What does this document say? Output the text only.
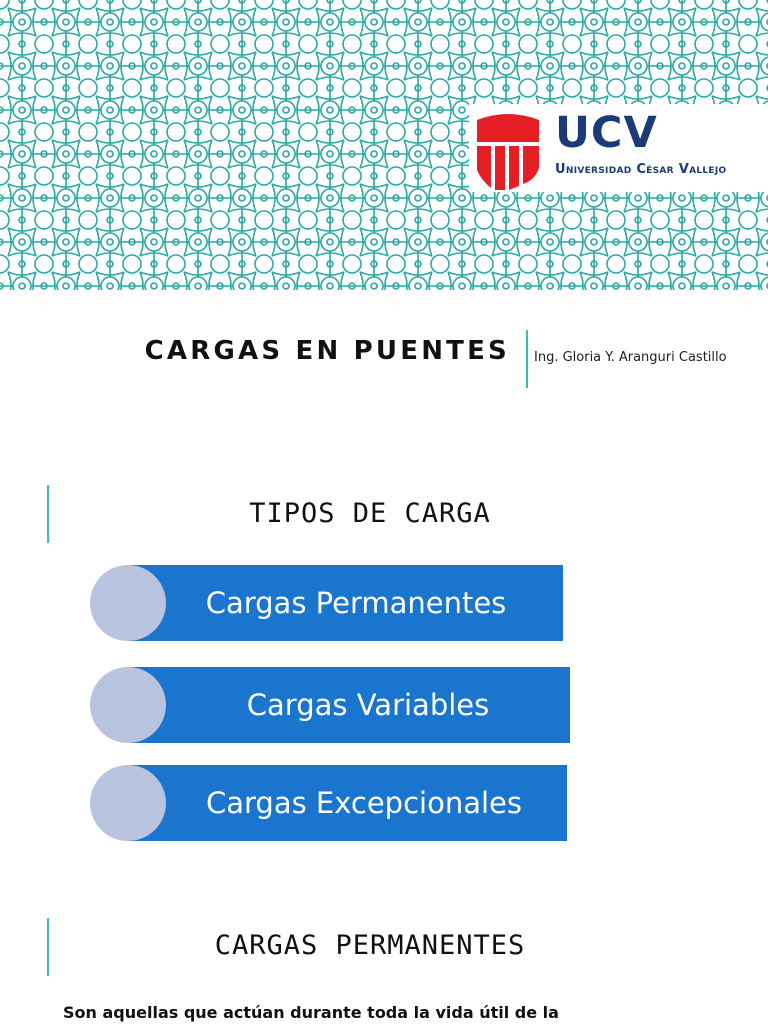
UCV
Universidad César Vallejo
CARGAS EN PUENTES Ing. Gloria Y. Aranguri Castillo
TIPOS DE CARGA
Cargas Permanentes
Cargas Variables
Cargas Excepcionales
CARGAS PERMANENTES
Son aquellas que actúan durante toda la vida útil de la
